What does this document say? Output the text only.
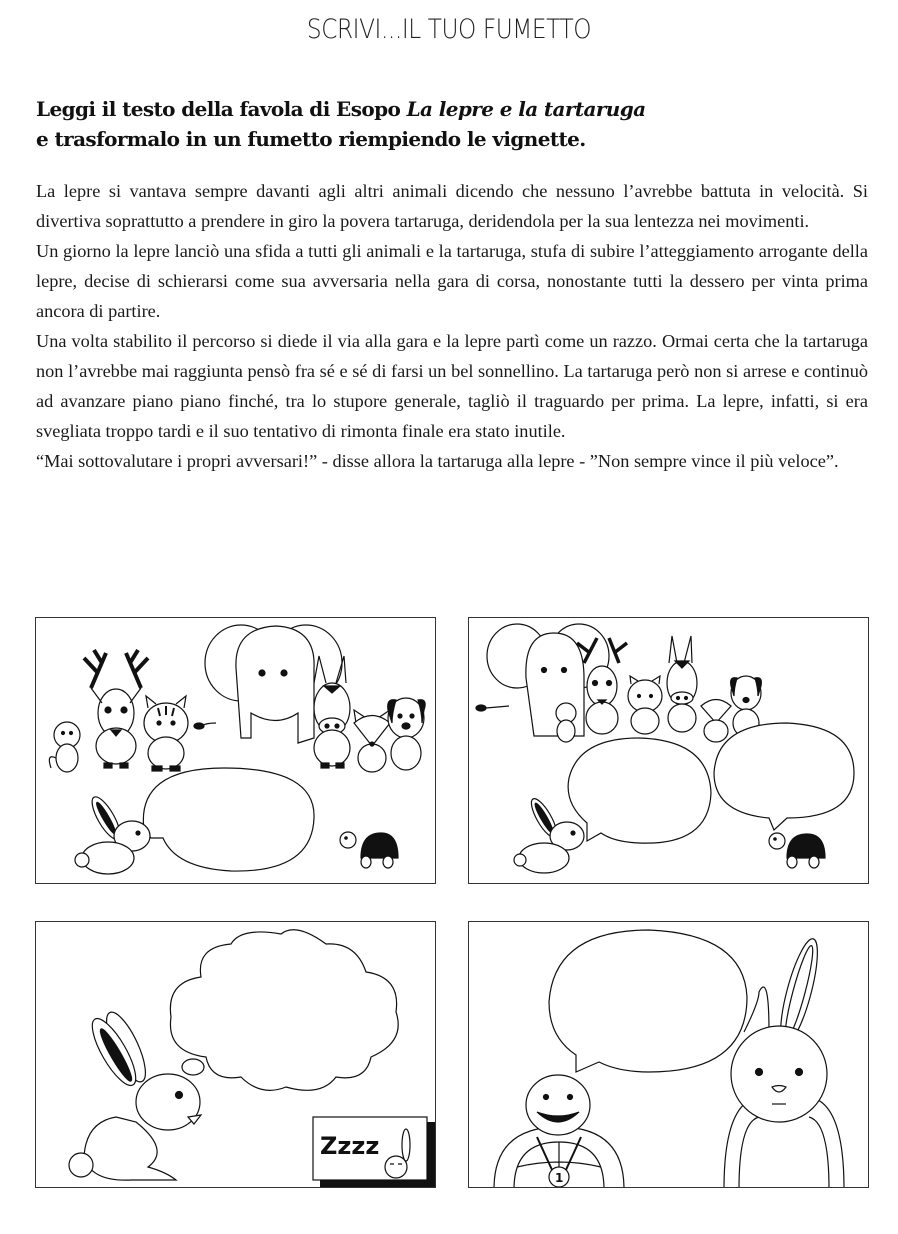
SCRIVI...IL TUO FUMETTO
Leggi il testo della favola di Esopo La lepre e la tartaruga
e trasformalo in un fumetto riempiendo le vignette.

La lepre si vantava sempre davanti agli altri animali dicendo che nessuno l’avrebbe battuta in velocità. Si divertiva soprattutto a prendere in giro la povera tartaruga, deridendola per la sua lentezza nei movimenti.

Un giorno la lepre lanciò una sfida a tutti gli animali e la tartaruga, stufa di subire l’atteggiamento arrogante della lepre, decise di schierarsi come sua avversaria nella gara di corsa, nonostante tutti la dessero per vinta prima ancora di partire.

Una volta stabilito il percorso si diede il via alla gara e la lepre partì come un razzo. Ormai certa che la tartaruga non l’avrebbe mai raggiunta pensò fra sé e sé di farsi un bel sonnellino. La tartaruga però non si arrese e continuò ad avanzare piano piano finché, tra lo stupore generale, tagliò il traguardo per prima. La lepre, infatti, si era svegliata troppo tardi e il suo tentativo di rimonta finale era stato inutile.

“Mai sottovalutare i propri avversari!” - disse allora la tartaruga alla lepre - ”Non sempre vince il più veloce”.

Zzzz
1
